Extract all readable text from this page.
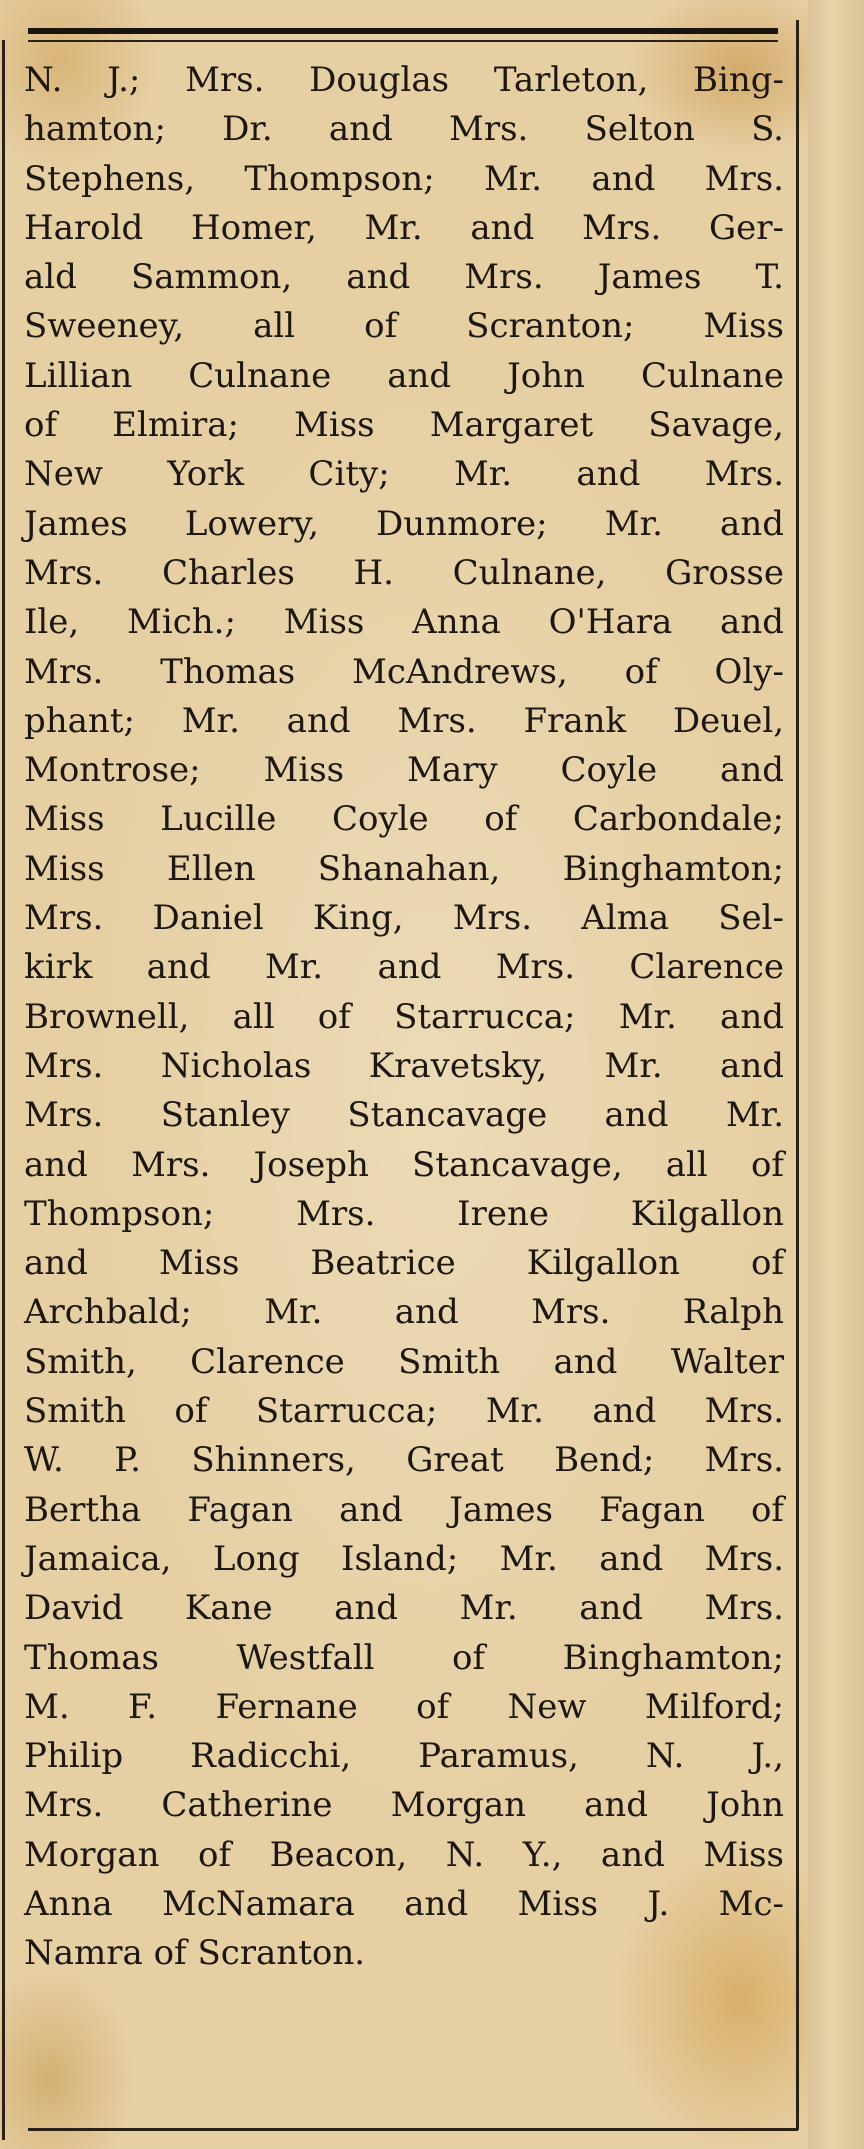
N. J.; Mrs. Douglas Tarleton, Bing-
hamton; Dr. and Mrs. Selton S.
Stephens, Thompson; Mr. and Mrs.
Harold Homer, Mr. and Mrs. Ger-
ald Sammon, and Mrs. James T.
Sweeney, all of Scranton; Miss
Lillian Culnane and John Culnane
of Elmira; Miss Margaret Savage,
New York City; Mr. and Mrs.
James Lowery, Dunmore; Mr. and
Mrs. Charles H. Culnane, Grosse
Ile, Mich.; Miss Anna O'Hara and
Mrs. Thomas McAndrews, of Oly-
phant; Mr. and Mrs. Frank Deuel,
Montrose; Miss Mary Coyle and
Miss Lucille Coyle of Carbondale;
Miss Ellen Shanahan, Binghamton;
Mrs. Daniel King, Mrs. Alma Sel-
kirk and Mr. and Mrs. Clarence
Brownell, all of Starrucca; Mr. and
Mrs. Nicholas Kravetsky, Mr. and
Mrs. Stanley Stancavage and Mr.
and Mrs. Joseph Stancavage, all of
Thompson; Mrs. Irene Kilgallon
and Miss Beatrice Kilgallon of
Archbald; Mr. and Mrs. Ralph
Smith, Clarence Smith and Walter
Smith of Starrucca; Mr. and Mrs.
W. P. Shinners, Great Bend; Mrs.
Bertha Fagan and James Fagan of
Jamaica, Long Island; Mr. and Mrs.
David Kane and Mr. and Mrs.
Thomas Westfall of Binghamton;
M. F. Fernane of New Milford;
Philip Radicchi, Paramus, N. J.,
Mrs. Catherine Morgan and John
Morgan of Beacon, N. Y., and Miss
Anna McNamara and Miss J. Mc-
Namra of Scranton.
